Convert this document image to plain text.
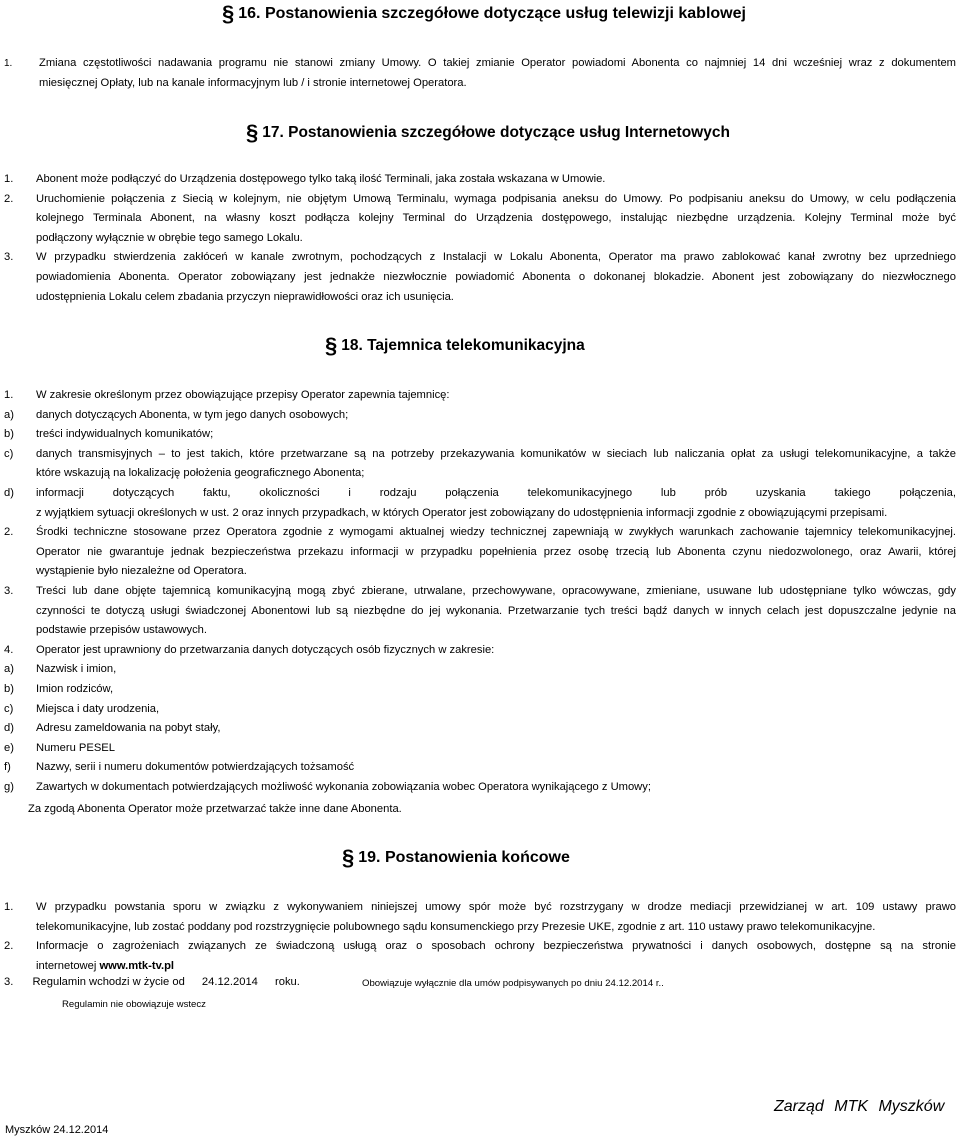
§ 16. Postanowienia szczegółowe dotyczące usług telewizji kablowej
1. Zmiana częstotliwości nadawania programu nie stanowi zmiany Umowy. O takiej zmianie Operator powiadomi Abonenta co najmniej 14 dni wcześniej wraz z dokumentem
miesięcznej Opłaty, lub na kanale informacyjnym lub / i stronie internetowej Operatora.
§ 17. Postanowienia szczegółowe dotyczące usług Internetowych
1. Abonent może podłączyć do Urządzenia dostępowego tylko taką ilość Terminali, jaka została wskazana w Umowie.
2. Uruchomienie połączenia z Siecią w kolejnym, nie objętym Umową Terminalu, wymaga podpisania aneksu do Umowy. Po podpisaniu aneksu do Umowy, w celu podłączenia
kolejnego Terminala Abonent, na własny koszt podłącza kolejny Terminal do Urządzenia dostępowego, instalując niezbędne urządzenia. Kolejny Terminal może być
podłączony wyłącznie w obrębie tego samego Lokalu.
3. W przypadku stwierdzenia zakłóceń w kanale zwrotnym, pochodzących z Instalacji w Lokalu Abonenta, Operator ma prawo zablokować kanał zwrotny bez uprzedniego
powiadomienia Abonenta. Operator zobowiązany jest jednakże niezwłocznie powiadomić Abonenta o dokonanej blokadzie. Abonent jest zobowiązany do niezwłocznego
udostępnienia Lokalu celem zbadania przyczyn nieprawidłowości oraz ich usunięcia.
§ 18. Tajemnica telekomunikacyjna
1. W zakresie określonym przez obowiązujące przepisy Operator zapewnia tajemnicę:
a) danych dotyczących Abonenta, w tym jego danych osobowych;
b) treści indywidualnych komunikatów;
c) danych transmisyjnych – to jest takich, które przetwarzane są na potrzeby przekazywania komunikatów w sieciach lub naliczania opłat za usługi telekomunikacyjne, a także
które wskazują na lokalizację położenia geograficznego Abonenta;
d) informacji dotyczących faktu, okoliczności i rodzaju połączenia telekomunikacyjnego lub prób uzyskania takiego połączenia,
z wyjątkiem sytuacji określonych w ust. 2 oraz innych przypadkach, w których Operator jest zobowiązany do udostępnienia informacji zgodnie z obowiązującymi przepisami.
2. Środki techniczne stosowane przez Operatora zgodnie z wymogami aktualnej wiedzy technicznej zapewniają w zwykłych warunkach zachowanie tajemnicy telekomunikacyjnej.
Operator nie gwarantuje jednak bezpieczeństwa przekazu informacji w przypadku popełnienia przez osobę trzecią lub Abonenta czynu niedozwolonego, oraz Awarii, której
wystąpienie było niezależne od Operatora.
3. Treści lub dane objęte tajemnicą komunikacyjną mogą zbyć zbierane, utrwalane, przechowywane, opracowywane, zmieniane, usuwane lub udostępniane tylko wówczas, gdy
czynności te dotyczą usługi świadczonej Abonentowi lub są niezbędne do jej wykonania. Przetwarzanie tych treści bądź danych w innych celach jest dopuszczalne jedynie na
podstawie przepisów ustawowych.
4. Operator jest uprawniony do przetwarzania danych dotyczących osób fizycznych w zakresie:
a) Nazwisk i imion,
b) Imion rodziców,
c) Miejsca i daty urodzenia,
d) Adresu zameldowania na pobyt stały,
e) Numeru PESEL
f) Nazwy, serii i numeru dokumentów potwierdzających tożsamość
g) Zawartych w dokumentach potwierdzających możliwość wykonania zobowiązania wobec Operatora wynikającego z Umowy;
Za zgodą Abonenta Operator może przetwarzać także inne dane Abonenta.
§ 19. Postanowienia końcowe
1. W przypadku powstania sporu w związku z wykonywaniem niniejszej umowy spór może być rozstrzygany w drodze mediacji przewidzianej w art. 109 ustawy prawo
telekomunikacyjne, lub zostać poddany pod rozstrzygnięcie polubownego sądu konsumenckiego przy Prezesie UKE, zgodnie z art. 110 ustawy prawo telekomunikacyjne.
2. Informacje o zagrożeniach związanych ze świadczoną usługą oraz o sposobach ochrony bezpieczeństwa prywatności i danych osobowych, dostępne są na stronie
internetowej www.mtk-tv.pl
3. Regulamin wchodzi w życie od 24.12.2014 roku.	Obowiązuje wyłącznie dla umów podpisywanych po dniu 24.12.2014 r..
Regulamin nie obowiązuje wstecz
Zarząd MTK Myszków
Myszków 24.12.2014
